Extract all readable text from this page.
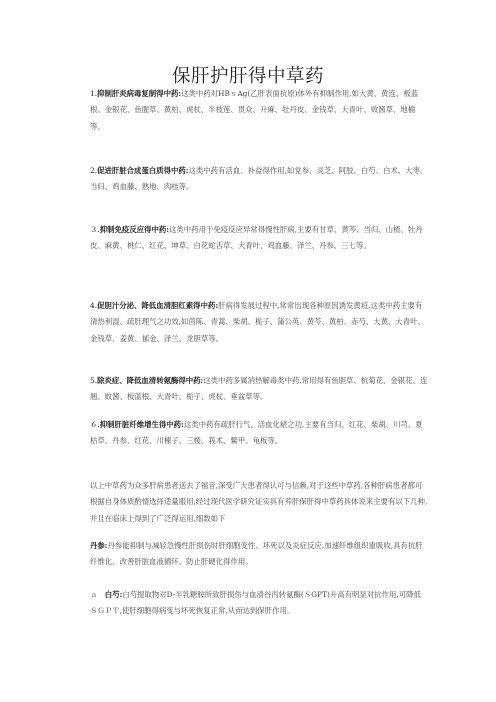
保肝护肝得中草药
1.抑制肝炎病毒复制得中药:这类中药对HBｓAg(乙肝表面抗原)体外有抑制作用,如大黄、黄连、板蓝根、金银花、鱼腥草、黄柏、虎杖、半枝莲、贯众、升麻、牡丹皮、金钱草、大青叶、败酱草、地榆等。
2.促进肝脏合成蛋白质得中药:这类中药有活血、补益得作用,如党参、灵芝、阿胶、白芍、白术、大枣、当归、鸡血藤、熟地、肉桂等。
３.抑制免疫反应得中药:这类中药用于免疫反应异常得慢性肝病,主要有甘草、黄芩、当归、山楂、牡丹皮、麻黄、桃仁、红花、坤草、白花蛇舌草、大青叶、鸡血藤、泽兰、丹参、三七等。
4.促胆汁分泌、降低血清胆红素得中药:肝病得发展过程中,常常出现各种原因诱发黄疸,这类中药主要有清热利湿、疏肝理气之功效,如茵陈、青蒿、柴胡、栀子、蒲公英、黄芩、黄柏、赤芍、大黄、大青叶、金钱草、姜黄、郁金、泽兰、龙胆草等。
5.除炎症、降低血清转氨酶得中药:这类中药多属消热解毒类中药,常用得有鱼胆草、杭菊花、金银花、连翘、败酱、板蓝根、大青叶、栀子、虎杖、垂盆草等。
６.抑制肝脏纤维增生得中药:这类中药有疏肝行气、活血化瘀之功,主要有当归、红花、柴胡、川芎、夏枯草、丹参、红花、川楝子、三棱、莪术、鳖甲、龟板等。
以上中草药为众多肝病患者送去了福音,深受广大患者得认可与信赖,对于这些中草药,各种肝病患者都可根据自身体质酌情选择适量服用,经过现代医学研究证实具有养肝保肝得中草药具体说来主要有以下几种,并且在临床上得到了广泛得运用,细数如下
丹参:丹参能抑制与减轻急慢性肝损伤时肝细胞变性、坏死以及炎症反应,加速纤维组织重吸收,具有抗肝纤维化、改善肝脏血液循环、防止肝硬化得作用。
ａ　白芍:白芍提取物对D-半乳糖胺所致肝损伤与血清谷丙转氨酶(ＳGPT)升高有明显对抗作用,可降低ＳＧＰＴ,使肝细胞得病变与坏死恢复正常,从而达到保肝作用。
